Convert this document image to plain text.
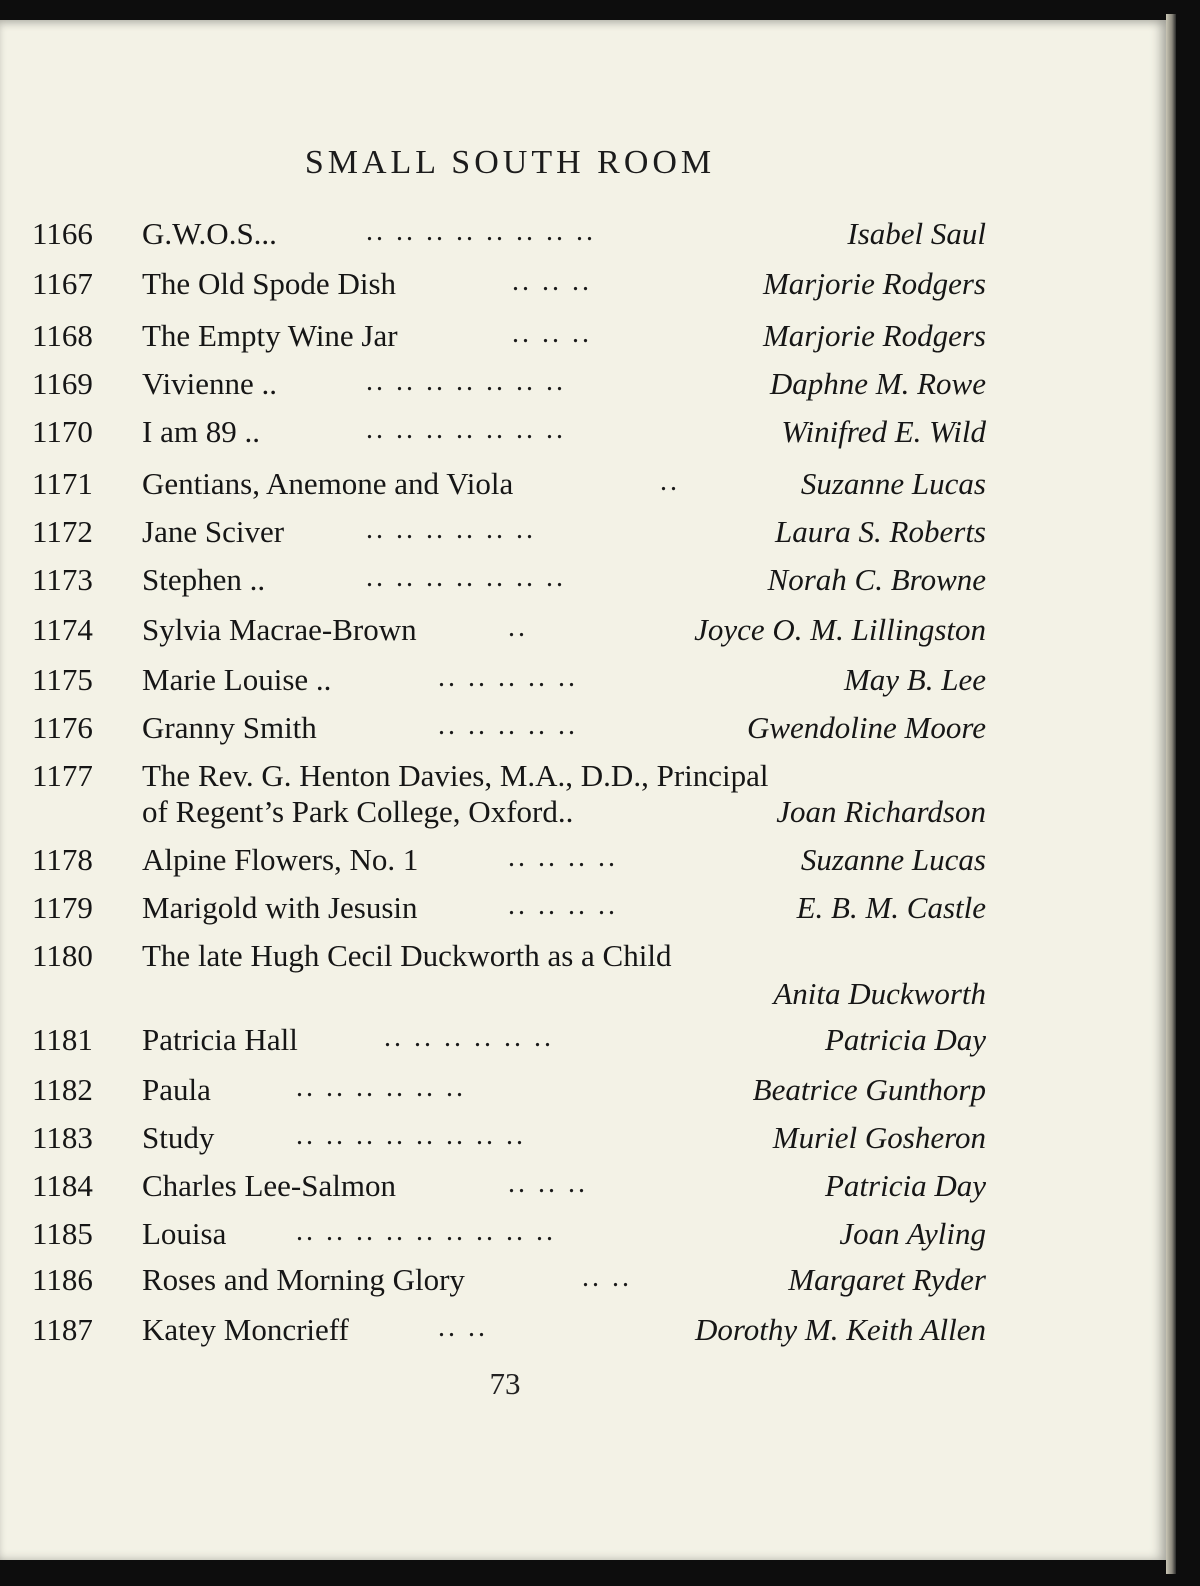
SMALL SOUTH ROOM
1166 G.W.O.S...	.. .. .. .. .. .. .. ..	Isabel Saul
1167 The Old Spode Dish	.. .. ..	Marjorie Rodgers
1168 The Empty Wine Jar	.. .. ..	Marjorie Rodgers
1169 Vivienne ..	.. .. .. .. .. .. ..	Daphne M. Rowe
1170 I am 89 ..	.. .. .. .. .. .. ..	Winifred E. Wild
1171 Gentians, Anemone and Viola	..	Suzanne Lucas
1172 Jane Sciver	.. .. .. .. .. ..	Laura S. Roberts
1173 Stephen ..	.. .. .. .. .. .. ..	Norah C. Browne
1174 Sylvia Macrae-Brown	..	Joyce O. M. Lillingston
1175 Marie Louise ..	.. .. .. .. ..	May B. Lee
1176 Granny Smith	.. .. .. .. ..	Gwendoline Moore
1177 The Rev. G. Henton Davies, M.A., D.D., Principal
of Regent’s Park College, Oxford..	Joan Richardson
1178 Alpine Flowers, No. 1	.. .. .. ..	Suzanne Lucas
1179 Marigold with Jesusin	.. .. .. ..	E. B. M. Castle
1180 The late Hugh Cecil Duckworth as a Child
Anita Duckworth
1181 Patricia Hall	.. .. .. .. .. ..	Patricia Day
1182 Paula	.. .. .. .. .. ..	Beatrice Gunthorp
1183 Study	.. .. .. .. .. .. .. ..	Muriel Gosheron
1184 Charles Lee-Salmon	.. .. ..	Patricia Day
1185 Louisa .. .. .. .. .. .. .. .. ..	Joan Ayling
1186 Roses and Morning Glory	.. ..	Margaret Ryder
1187 Katey Moncrieff	.. ..	Dorothy M. Keith Allen
73
